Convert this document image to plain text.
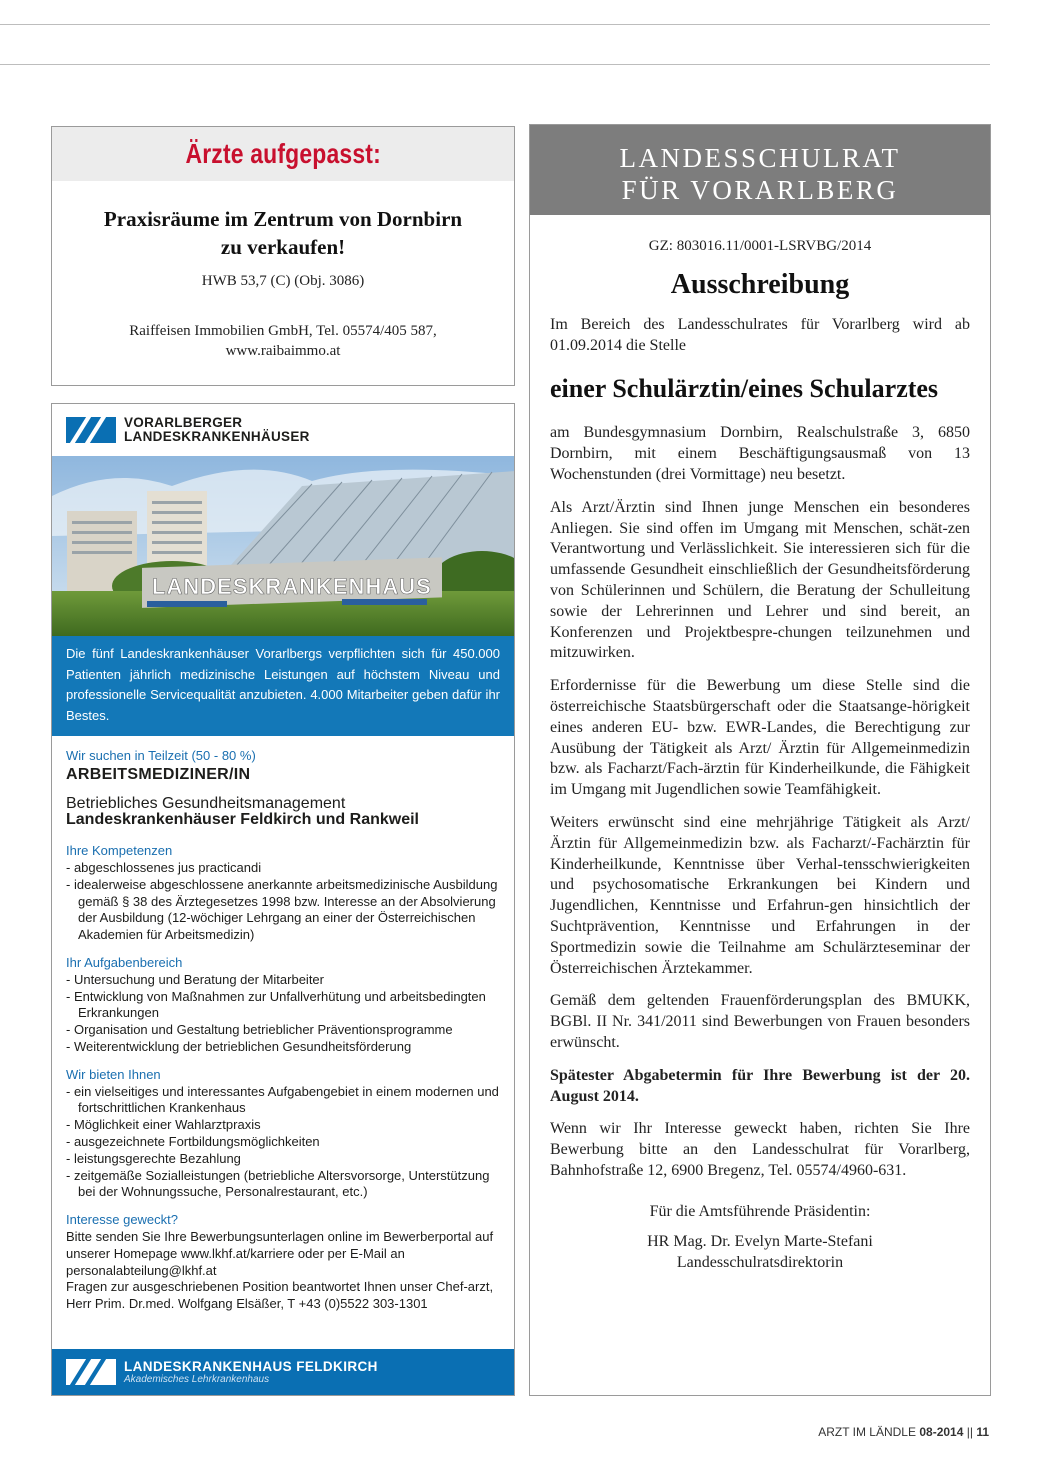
Ärzte aufgepasst:
Praxisräume im Zentrum von Dornbirn
zu verkaufen!
HWB 53,7 (C) (Obj. 3086)
Raiffeisen Immobilien GmbH, Tel. 05574/405 587,
www.raibaimmo.at
VORARLBERGER
LANDESKRANKENHÄUSER
LANDESKRANKENHAUS
Die fünf Landeskrankenhäuser Vorarlbergs verpflichten sich für 450.000 Patienten jährlich medizinische Leistungen auf höchstem Niveau und professionelle Servicequalität anzubieten. 4.000 Mitarbeiter geben dafür ihr Bestes.
Wir suchen in Teilzeit (50 - 80 %)
ARBEITSMEDIZINER/IN
Betriebliches Gesundheitsmanagement
Landeskrankenhäuser Feldkirch und Rankweil
Ihre Kompetenzen
- abgeschlossenes jus practicandi
- idealerweise abgeschlossene anerkannte arbeitsmedizinische Ausbildung gemäß § 38 des Ärztegesetzes 1998 bzw. Interesse an der Absolvierung der Ausbildung (12-wöchiger Lehrgang an einer der Österreichischen Akademien für Arbeitsmedizin)
Ihr Aufgabenbereich
- Untersuchung und Beratung der Mitarbeiter
- Entwicklung von Maßnahmen zur Unfallverhütung und arbeitsbedingten Erkrankungen
- Organisation und Gestaltung betrieblicher Präventionsprogramme
- Weiterentwicklung der betrieblichen Gesundheitsförderung
Wir bieten Ihnen
- ein vielseitiges und interessantes Aufgabengebiet in einem modernen und fortschrittlichen Krankenhaus
- Möglichkeit einer Wahlarztpraxis
- ausgezeichnete Fortbildungsmöglichkeiten
- leistungsgerechte Bezahlung
- zeitgemäße Sozialleistungen (betriebliche Altersvorsorge, Unterstützung bei der Wohnungssuche, Personalrestaurant, etc.)
Interesse geweckt?
Bitte senden Sie Ihre Bewerbungsunterlagen online im Bewerberportal auf unserer Homepage www.lkhf.at/karriere oder per E-Mail an personalabteilung@lkhf.at
Fragen zur ausgeschriebenen Position beantwortet Ihnen unser Chef-arzt, Herr Prim. Dr.med. Wolfgang Elsäßer, T +43 (0)5522 303-1301
LANDESKRANKENHAUS FELDKIRCH
Akademisches Lehrkrankenhaus
LANDESSCHULRAT
FÜR VORARLBERG
GZ: 803016.11/0001-LSRVBG/2014
Ausschreibung

Im Bereich des Landesschulrates für Vorarlberg wird ab 01.09.2014 die Stelle

einer Schulärztin/eines Schularztes

am Bundesgymnasium Dornbirn, Realschulstraße 3, 6850 Dornbirn, mit einem Beschäftigungsausmaß von 13 Wochenstunden (drei Vormittage) neu besetzt.

Als Arzt/Ärztin sind Ihnen junge Menschen ein besonderes Anliegen. Sie sind offen im Umgang mit Menschen, schät-zen Verantwortung und Verlässlichkeit. Sie interessieren sich für die umfassende Gesundheit einschließlich der Gesundheitsförderung von Schülerinnen und Schülern, die Beratung der Schulleitung sowie der Lehrerinnen und Lehrer und sind bereit, an Konferenzen und Projektbespre-chungen teilzunehmen und mitzuwirken.

Erfordernisse für die Bewerbung um diese Stelle sind die österreichische Staatsbürgerschaft oder die Staatsange-hörigkeit eines anderen EU- bzw. EWR-Landes, die Berechtigung zur Ausübung der Tätigkeit als Arzt/ Ärztin für Allgemeinmedizin bzw. als Facharzt/Fach-ärztin für Kinderheilkunde, die Fähigkeit im Umgang mit Jugendlichen sowie Teamfähigkeit.

Weiters erwünscht sind eine mehrjährige Tätigkeit als Arzt/Ärztin für Allgemeinmedizin bzw. als Facharzt/-Fachärztin für Kinderheilkunde, Kenntnisse über Verhal-tensschwierigkeiten und psychosomatische Erkrankungen bei Kindern und Jugendlichen, Kenntnisse und Erfahrun-gen hinsichtlich der Suchtprävention, Kenntnisse und Erfahrungen in der Sportmedizin sowie die Teilnahme am Schulärzteseminar der Österreichischen Ärztekammer.

Gemäß dem geltenden Frauenförderungsplan des BMUKK, BGBl. II Nr. 341/2011 sind Bewerbungen von Frauen besonders erwünscht.

Spätester Abgabetermin für Ihre Bewerbung ist der 20. August 2014.

Wenn wir Ihr Interesse geweckt haben, richten Sie Ihre Bewerbung bitte an den Landesschulrat für Vorarlberg, Bahnhofstraße 12, 6900 Bregenz, Tel. 05574/4960-631.

Für die Amtsführende Präsidentin:
HR Mag. Dr. Evelyn Marte-Stefani
Landesschulratsdirektorin
ARZT IM LÄNDLE 08-2014 || 11
